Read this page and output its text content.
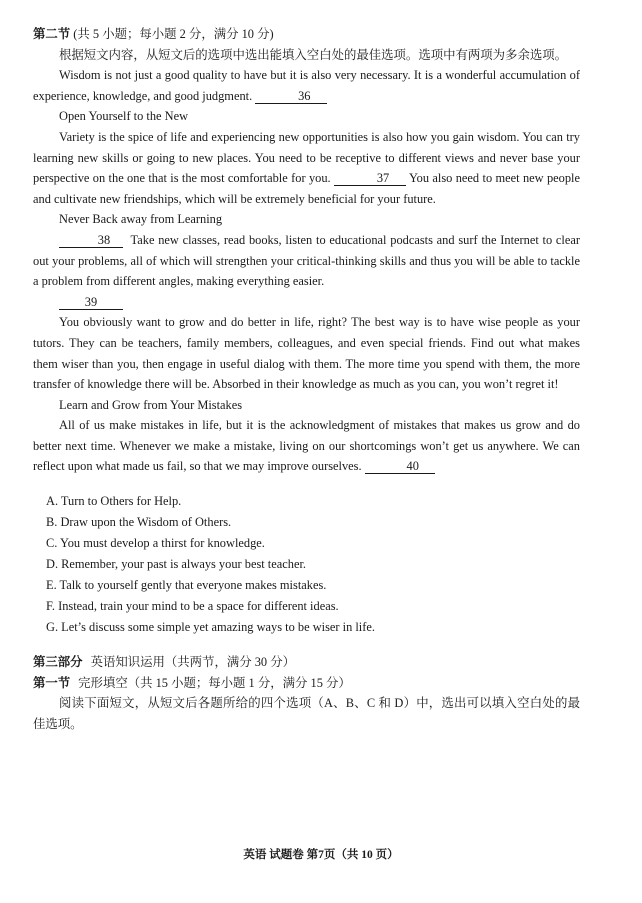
第二节 (共 5 小题；每小题 2 分，满分 10 分)

根据短文内容，从短文后的选项中选出能填入空白处的最佳选项。选项中有两项为多余选项。

Wisdom is not just a good quality to have but it is also very necessary. It is a wonderful accumulation of experience, knowledge, and good judgment.	36

Open Yourself to the New

Variety is the spice of life and experiencing new opportunities is also how you gain wisdom. You can try learning new skills or going to new places. You need to be receptive to different views and never base your perspective on the one that is the most comfortable for you.	37 You also need to meet new people and cultivate new friendships, which will be extremely beneficial for your future.

Never Back away from Learning

38 Take new classes, read books, listen to educational podcasts and surf the Internet to clear out your problems, all of which will strengthen your critical-thinking skills and thus you will be able to tackle a problem from different angles, making everything easier.

39

You obviously want to grow and do better in life, right? The best way is to have wise people as your tutors. They can be teachers, family members, colleagues, and even special friends. Find out what makes them wiser than you, then engage in useful dialog with them. The more time you spend with them, the more transfer of knowledge there will be. Absorbed in their knowledge as much as you can, you won’t regret it!

Learn and Grow from Your Mistakes

All of us make mistakes in life, but it is the acknowledgment of mistakes that makes us grow and do better next time. Whenever we make a mistake, living on our shortcomings won’t get us anywhere. We can reflect upon what made us fail, so that we may improve ourselves.	40

A. Turn to Others for Help.
B. Draw upon the Wisdom of Others.
C. You must develop a thirst for knowledge.
D. Remember, your past is always your best teacher.
E. Talk to yourself gently that everyone makes mistakes.
F. Instead, train your mind to be a space for different ideas.
G. Let’s discuss some simple yet amazing ways to be wiser in life.

第三部分 英语知识运用（共两节，满分 30 分）

第一节 完形填空（共 15 小题；每小题 1 分，满分 15 分）

阅读下面短文，从短文后各题所给的四个选项（A、B、C 和 D）中，选出可以填入空白处的最佳选项。

英语 试题卷 第7页（共 10 页）
